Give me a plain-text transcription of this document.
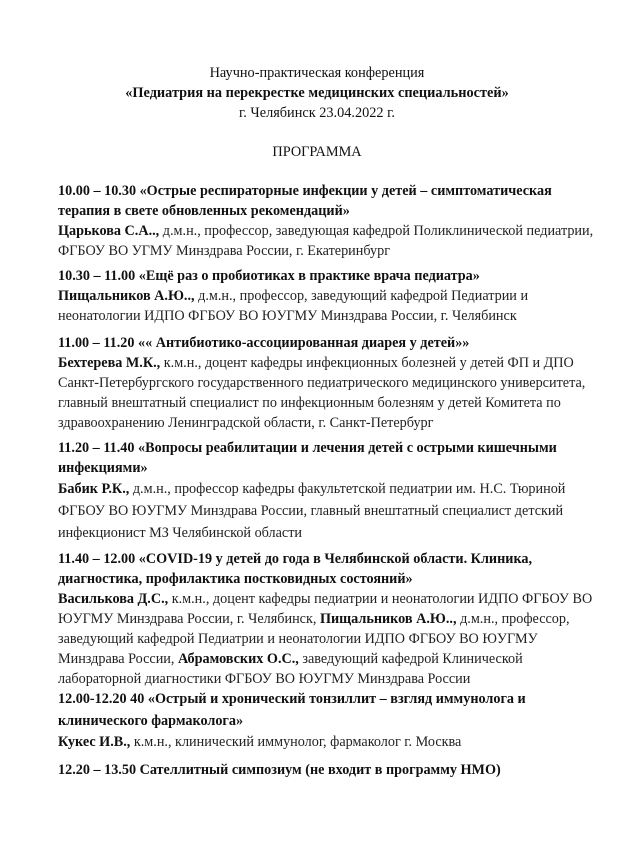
Научно-практическая конференция
«Педиатрия на перекрестке медицинских специальностей»
г. Челябинск 23.04.2022 г.
ПРОГРАММА
10.00 – 10.30 «Острые респираторные инфекции у детей – симптоматическая терапия в свете обновленных рекомендаций»
Царькова С.А.., д.м.н., профессор, заведующая кафедрой Поликлинической педиатрии, ФГБОУ ВО УГМУ Минздрава России, г. Екатеринбург
10.30 – 11.00 «Ещё раз о пробиотиках в практике врача педиатра»
Пищальников А.Ю.., д.м.н., профессор, заведующий кафедрой Педиатрии и неонатологии ИДПО ФГБОУ ВО ЮУГМУ Минздрава России, г. Челябинск
11.00 – 11.20 «« Антибиотико-ассоциированная диарея у детей»»
Бехтерева М.К., к.м.н., доцент кафедры инфекционных болезней у детей ФП и ДПО Санкт-Петербургского государственного педиатрического медицинского университета, главный внештатный специалист по инфекционным болезням у детей Комитета по здравоохранению Ленинградской области, г. Санкт-Петербург
11.20 – 11.40 «Вопросы реабилитации и лечения детей с острыми кишечными инфекциями»
Бабик Р.К., д.м.н., профессор кафедры факультетской педиатрии им. Н.С. Тюриной ФГБОУ ВО ЮУГМУ Минздрава России, главный внештатный специалист детский инфекционист МЗ Челябинской области
11.40 – 12.00 «COVID-19 у детей до года в Челябинской области. Клиника, диагностика, профилактика постковидных состояний»
Василькова Д.С., к.м.н., доцент кафедры педиатрии и неонатологии ИДПО ФГБОУ ВО ЮУГМУ Минздрава России, г. Челябинск, Пищальников А.Ю.., д.м.н., профессор, заведующий кафедрой Педиатрии и неонатологии ИДПО ФГБОУ ВО ЮУГМУ Минздрава России, Абрамовских О.С., заведующий кафедрой Клинической лабораторной диагностики ФГБОУ ВО ЮУГМУ Минздрава России
12.00-12.20 40 «Острый и хронический тонзиллит – взгляд иммунолога и клинического фармаколога»
Кукес И.В., к.м.н., клинический иммунолог, фармаколог г. Москва
12.20 – 13.50 Сателлитный симпозиум (не входит в программу НМО)
